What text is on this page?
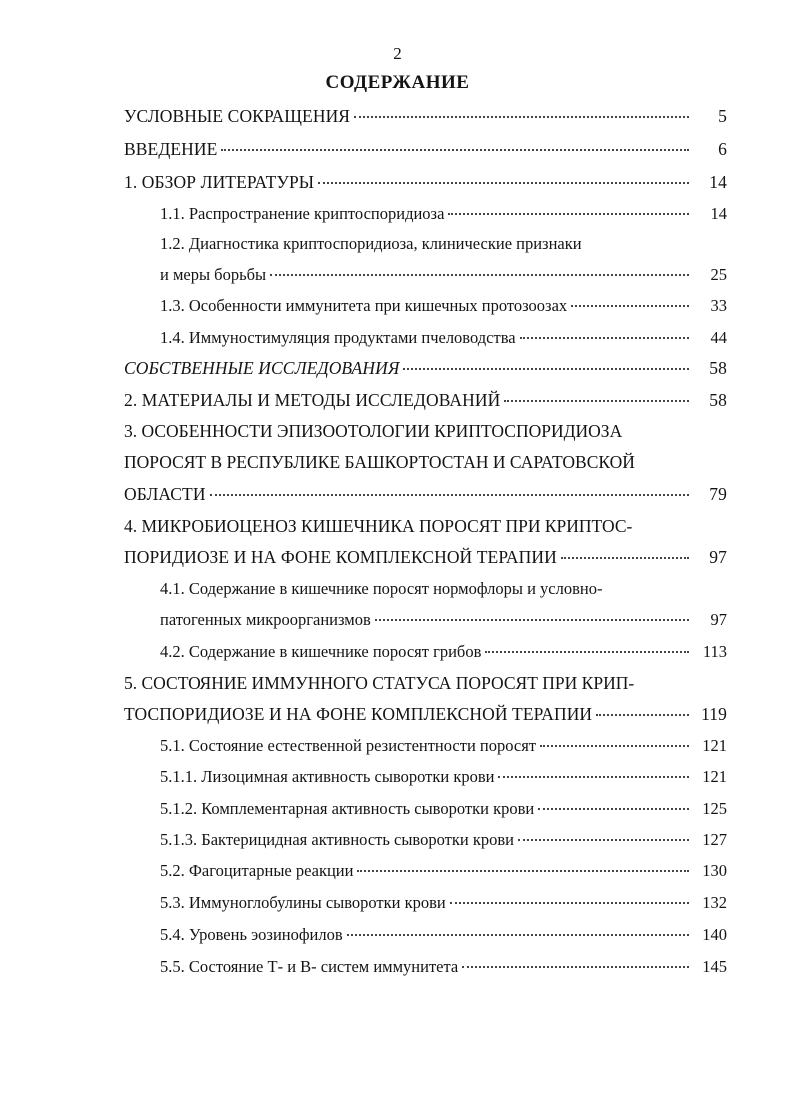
2
СОДЕРЖАНИЕ
УСЛОВНЫЕ СОКРАЩЕНИЯ	5
ВВЕДЕНИЕ	6
1. ОБЗОР ЛИТЕРАТУРЫ	14
1.1. Распространение криптоспоридиоза	14
1.2. Диагностика криптоспоридиоза, клинические признаки
и меры борьбы	25
1.3. Особенности иммунитета при кишечных протозоозах	33
1.4. Иммуностимуляция продуктами пчеловодства	44
СОБСТВЕННЫЕ ИССЛЕДОВАНИЯ	58
2. МАТЕРИАЛЫ И МЕТОДЫ ИССЛЕДОВАНИЙ	58
3. ОСОБЕННОСТИ ЭПИЗООТОЛОГИИ КРИПТОСПОРИДИОЗА
ПОРОСЯТ В РЕСПУБЛИКЕ БАШКОРТОСТАН И САРАТОВСКОЙ
ОБЛАСТИ	79
4. МИКРОБИОЦЕНОЗ КИШЕЧНИКА ПОРОСЯТ ПРИ КРИПТОС-
ПОРИДИОЗЕ И НА ФОНЕ КОМПЛЕКСНОЙ ТЕРАПИИ	97
4.1. Содержание в кишечнике поросят нормофлоры и условно-
патогенных микроорганизмов	97
4.2. Содержание в кишечнике поросят грибов	113
5. СОСТОЯНИЕ ИММУННОГО СТАТУСА ПОРОСЯТ ПРИ КРИП-
ТОСПОРИДИОЗЕ И НА ФОНЕ КОМПЛЕКСНОЙ ТЕРАПИИ	119
5.1. Состояние естественной резистентности поросят	121
5.1.1. Лизоцимная активность сыворотки крови	121
5.1.2. Комплементарная активность сыворотки крови	125
5.1.3. Бактерицидная активность сыворотки крови	127
5.2. Фагоцитарные реакции	130
5.3. Иммуноглобулины сыворотки крови	132
5.4. Уровень эозинофилов	140
5.5. Состояние Т- и В- систем иммунитета	145
